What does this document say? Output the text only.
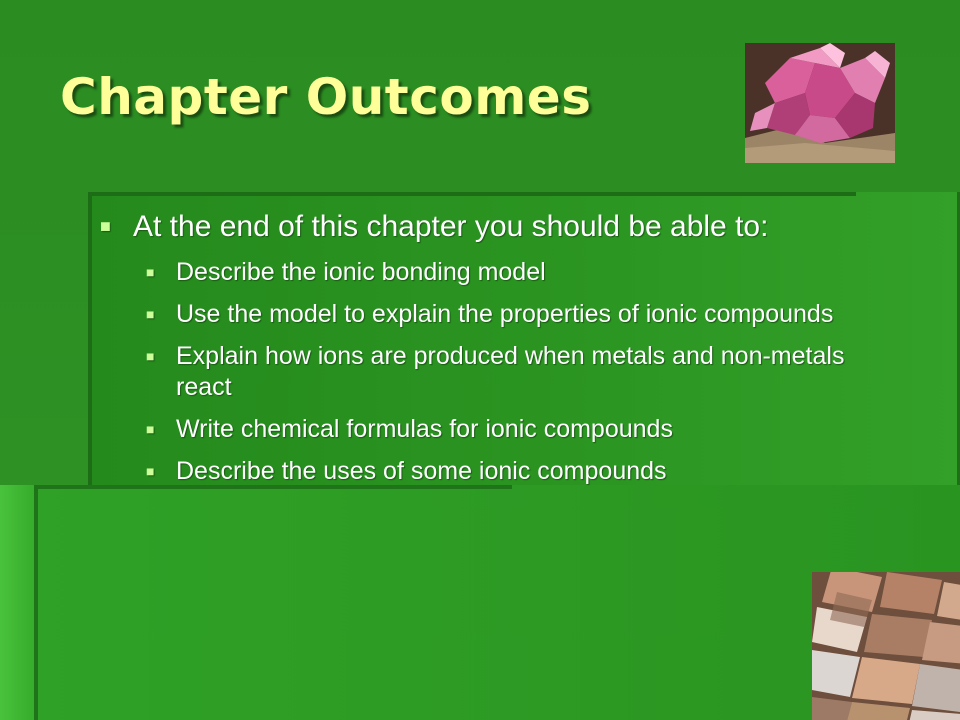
Chapter Outcomes
■ At the end of this chapter you should be able to:
■ Describe the ionic bonding model
■ Use the model to explain the properties of ionic compounds
■ Explain how ions are produced when metals and non-metals react
■ Write chemical formulas for ionic compounds
■ Describe the uses of some ionic compounds
